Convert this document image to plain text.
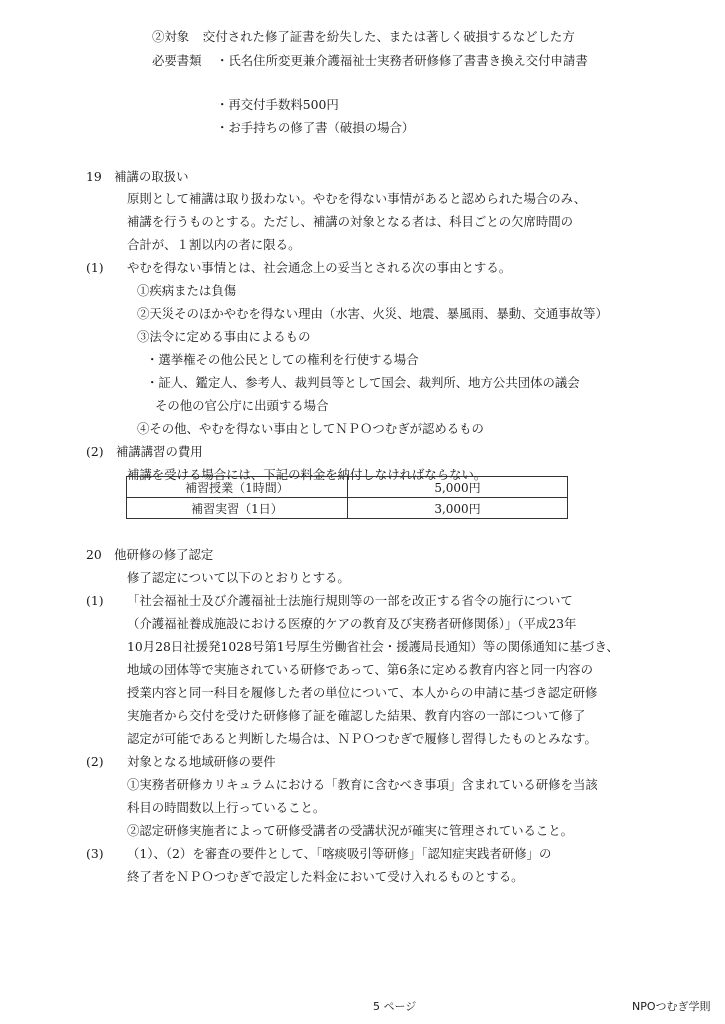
②対象　：
交付された修了証書を紛失した、または著しく破損するなどした方
必要書類 ・氏名住所変更兼介護福祉士実務者研修修了書書き換え交付申請書
・再交付手数料500円
・お手持ちの修了書（破損の場合）
19　補講の取扱い
原則として補講は取り扱わない。やむを得ない事情があると認められた場合のみ、
補講を行うものとする。ただし、補講の対象となる者は、科目ごとの欠席時間の
合計が、１割以内の者に限る。
(1) やむを得ない事情とは、社会通念上の妥当とされる次の事由とする。
①疾病または負傷
②天災そのほかやむを得ない理由（水害、火災、地震、暴風雨、暴動、交通事故等）
③法令に定める事由によるもの
・選挙権その他公民としての権利を行使する場合
・証人、鑑定人、参考人、裁判員等として国会、裁判所、地方公共団体の議会
その他の官公庁に出頭する場合
④その他、やむを得ない事由としてＮＰＯつむぎが認めるもの
(2)　補講講習の費用
補講を受ける場合には、下記の料金を納付しなければならない。
補習授業（1時間）	5,000円
補習実習（1日）	3,000円
20　他研修の修了認定
修了認定について以下のとおりとする。
(1) 「社会福祉士及び介護福祉士法施行規則等の一部を改正する省令の施行について
（介護福祉養成施設における医療的ケアの教育及び実務者研修関係）」（平成23年
10月28日社援発1028号第1号厚生労働省社会・援護局長通知）等の関係通知に基づき、
地域の団体等で実施されている研修であって、第6条に定める教育内容と同一内容の
授業内容と同一科目を履修した者の単位について、本人からの申請に基づき認定研修
実施者から交付を受けた研修修了証を確認した結果、教育内容の一部について修了
認定が可能であると判断した場合は、ＮＰＯつむぎで履修し習得したものとみなす。
(2) 対象となる地域研修の要件
①実務者研修カリキュラムにおける「教育に含むべき事項」含まれている研修を当該
科目の時間数以上行っていること。
②認定研修実施者によって研修受講者の受講状況が確実に管理されていること。
(3) （1）、（2）を審査の要件として、「喀痰吸引等研修」「認知症実践者研修」の
終了者をＮＰＯつむぎで設定した料金において受け入れるものとする。
5 ページ	NPOつむぎ学則
